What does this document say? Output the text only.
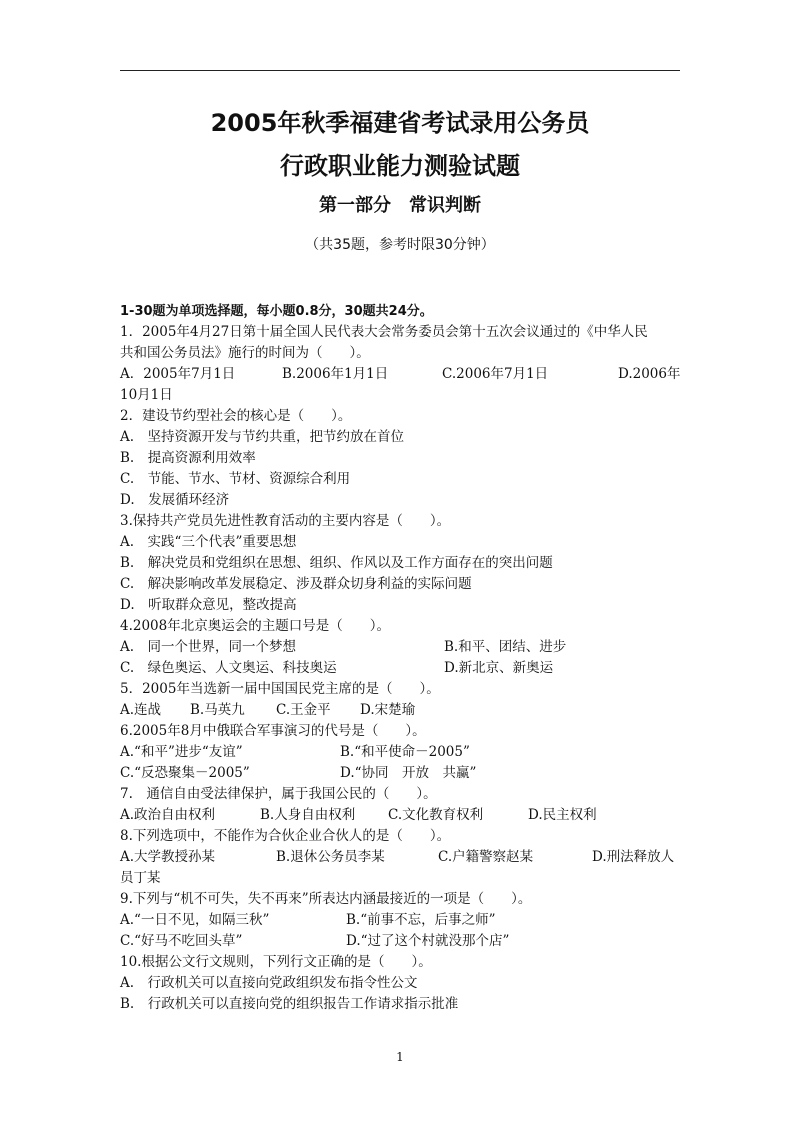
2005年秋季福建省考试录用公务员
行政职业能力测验试题
第一部分　常识判断
（共35题，参考时限30分钟）
1-30题为单项选择题，每小题0.8分，30题共24分。
1．2005年4月27日第十届全国人民代表大会常务委员会第十五次会议通过的《中华人民
共和国公务员法》施行的时间为（　　）。
A．2005年7月1日	B.2006年1月1日	C.2006年7月1日	D.2006年
10月1日
2．建设节约型社会的核心是（　　）。
A.　坚持资源开发与节约共重，把节约放在首位
B.　提高资源利用效率
C.　节能、节水、节材、资源综合利用
D.　发展循环经济
3.保持共产党员先进性教育活动的主要内容是（　　）。
A.　实践“三个代表”重要思想
B.　解决党员和党组织在思想、组织、作风以及工作方面存在的突出问题
C.　解决影响改革发展稳定、涉及群众切身利益的实际问题
D.　听取群众意见，整改提高
4.2008年北京奥运会的主题口号是（　　）。
A.　同一个世界，同一个梦想	B.和平、团结、进步
C.　绿色奥运、人文奥运、科技奥运	D.新北京、新奥运
5．2005年当选新一届中国国民党主席的是（　　）。
A.连战 B.马英九 C.王金平 D.宋楚瑜
6.2005年8月中俄联合军事演习的代号是（　　）。
A.“和平”进步“友谊”	B.“和平使命－2005”
C.“反恐聚集－2005”	D.“协同　开放　共赢”
7.　通信自由受法律保护，属于我国公民的（　　）。
A.政治自由权利	B.人身自由权利 C.文化教育权利	D.民主权利
8.下列选项中，不能作为合伙企业合伙人的是（　　）。
A.大学教授孙某	B.退休公务员李某	C.户籍警察赵某	D.刑法释放人
员丁某
9.下列与“机不可失，失不再来”所表达内涵最接近的一项是（　　）。
A.“一日不见，如隔三秋”	B.“前事不忘，后事之师”
C.“好马不吃回头草”	D.“过了这个村就没那个店”
10.根据公文行文规则，下列行文正确的是（　　）。
A.　行政机关可以直接向党政组织发布指令性公文
B.　行政机关可以直接向党的组织报告工作请求指示批准
1
